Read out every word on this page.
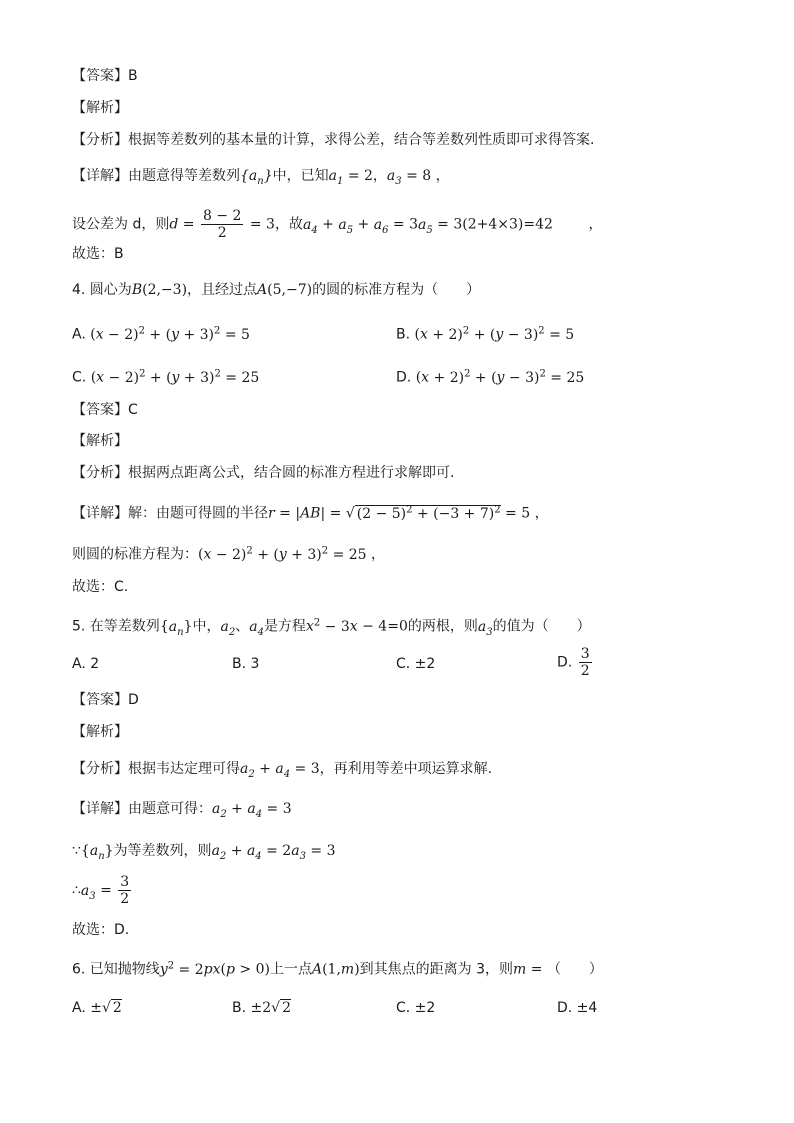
【答案】B
【解析】
【分析】根据等差数列的基本量的计算，求得公差，结合等差数列性质即可求得答案.
【详解】由题意得等差数列$\{a_n\}$中，已知$a_1 = 2$，$a_3 = 8$ ，
设公差为 d，则$d = \frac{8 - 2}{2} = 3$，故$a_4 + a_5 + a_6 = 3a_5 = 3(2+4\times 3)=42$        ，
故选：B
4. 圆心为B(2,−3)，且经过点A(5,−7)的圆的标准方程为（　　）
A. $(x - 2)^2 + (y + 3)^2 = 5$	B. $(x + 2)^2 + (y - 3)^2 = 5$
C. $(x - 2)^2 + (y + 3)^2 = 25$	D. $(x + 2)^2 + (y - 3)^2 = 25$
【答案】C
【解析】
【分析】根据两点距离公式，结合圆的标准方程进行求解即可.
【详解】解：由题可得圆的半径r = |AB| = √ $(2 - 5)^2 + (-3 + 7)^2 = 5$ ，
则圆的标准方程为：$(x - 2)^2 + (y + 3)^2 = 25$ ，
故选：C.
5. 在等差数列$\{a_n\}$中，$a_2$、$a_4$是方程$x^2 - 3x - 4=0$的两根，则$a_3$的值为（　　）
A. 2	B. 3	C. ±2	D. $\frac{3}{2}$
【答案】D
【解析】
【分析】根据韦达定理可得$a_2 + a_4 = 3$，再利用等差中项运算求解.
【详解】由题意可得：$a_2 + a_4 = 3$
$\because\{a_n\}$为等差数列，则$a_2 + a_4 = 2a_3 = 3$
$\therefore a_3 = \frac{3}{2}$
故选：D.
6. 已知抛物线$y^2 = 2px(p > 0)$上一点A(1,m)到其焦点的距离为 3，则m = （　　）
A. ±√ 2	B. ±2√ 2	C. ±2	D. ±4
